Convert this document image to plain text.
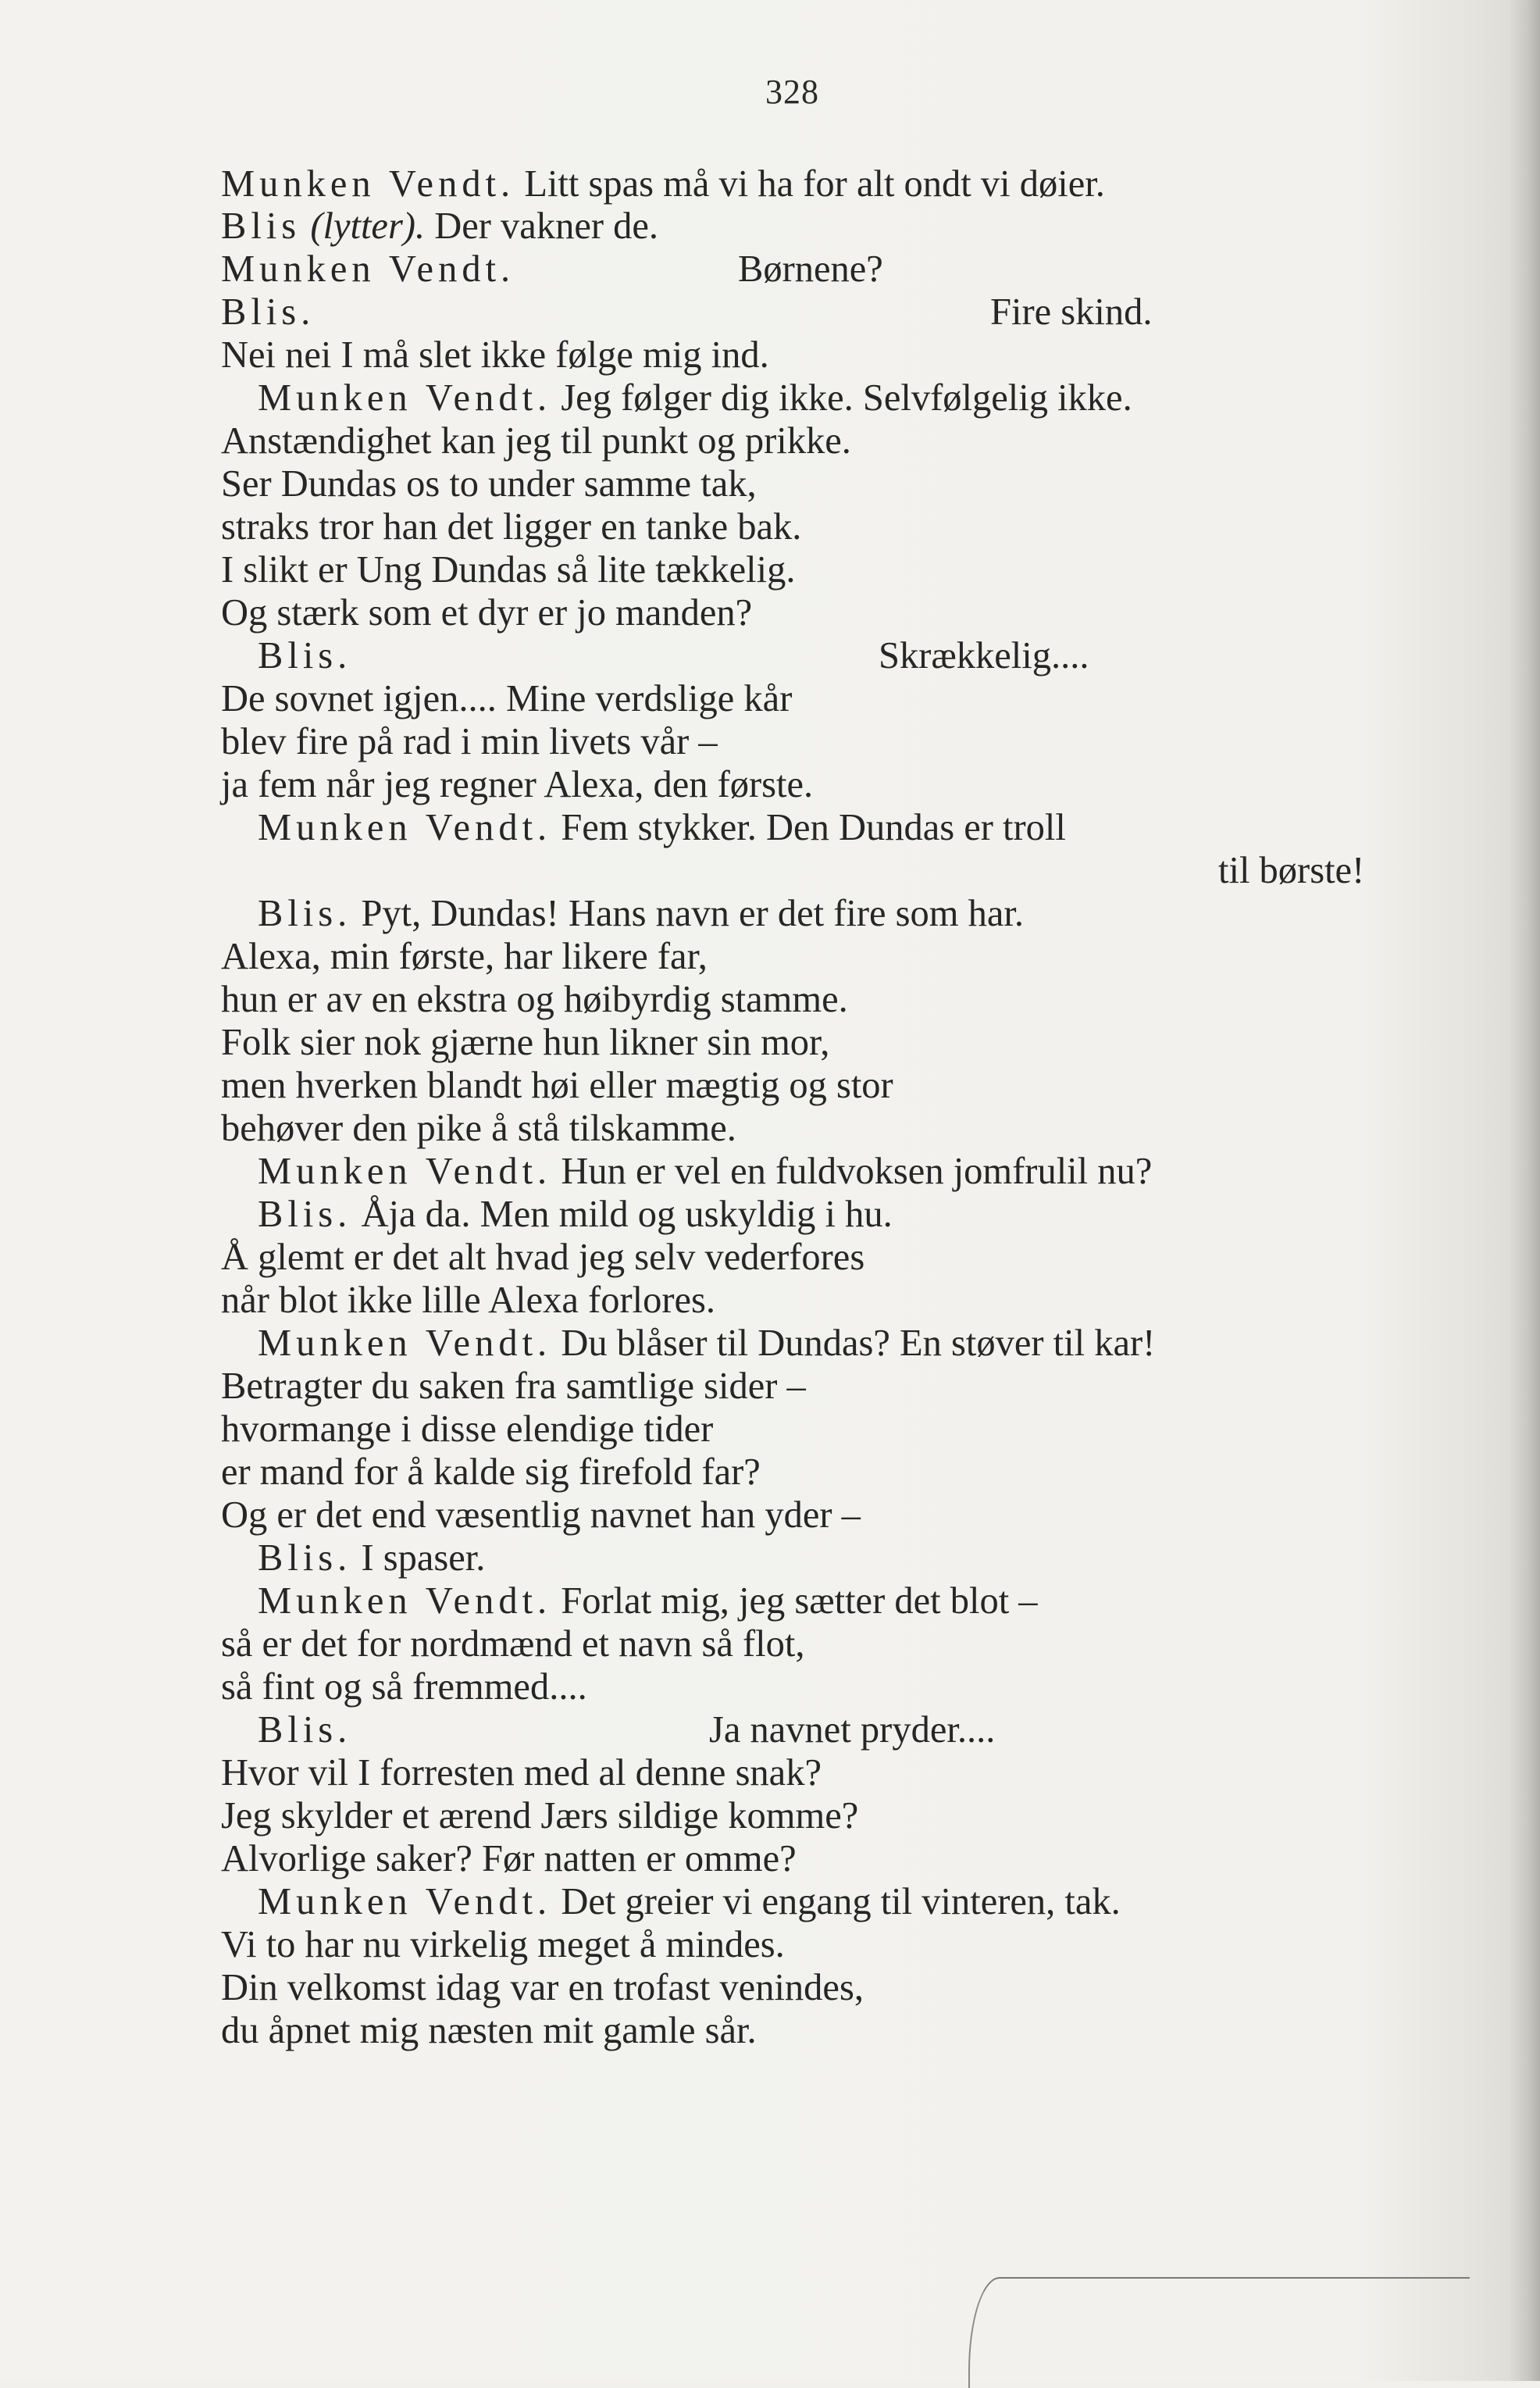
328
Munken Vendt. Litt spas må vi ha for alt ondt vi døier.
Blis (lytter). Der vakner de.
Munken Vendt.	Børnene?
Blis.	Fire skind.
Nei nei I må slet ikke følge mig ind.
Munken Vendt. Jeg følger dig ikke. Selvfølgelig ikke.
Anstændighet kan jeg til punkt og prikke.
Ser Dundas os to under samme tak,
straks tror han det ligger en tanke bak.
I slikt er Ung Dundas så lite tækkelig.
Og stærk som et dyr er jo manden?
Blis.	Skrækkelig....
De sovnet igjen.... Mine verdslige kår
blev fire på rad i min livets vår –
ja fem når jeg regner Alexa, den første.
Munken Vendt. Fem stykker. Den Dundas er troll
til børste!
Blis. Pyt, Dundas! Hans navn er det fire som har.
Alexa, min første, har likere far,
hun er av en ekstra og høibyrdig stamme.
Folk sier nok gjærne hun likner sin mor,
men hverken blandt høi eller mægtig og stor
behøver den pike å stå tilskamme.
Munken Vendt. Hun er vel en fuldvoksen jomfrulil nu?
Blis. Åja da. Men mild og uskyldig i hu.
Å glemt er det alt hvad jeg selv vederfores
når blot ikke lille Alexa forlores.
Munken Vendt. Du blåser til Dundas? En støver til kar!
Betragter du saken fra samtlige sider –
hvormange i disse elendige tider
er mand for å kalde sig firefold far?
Og er det end væsentlig navnet han yder –
Blis. I spaser.
Munken Vendt. Forlat mig, jeg sætter det blot –
så er det for nordmænd et navn så flot,
så fint og så fremmed....
Blis.	Ja navnet pryder....
Hvor vil I forresten med al denne snak?
Jeg skylder et ærend Jærs sildige komme?
Alvorlige saker? Før natten er omme?
Munken Vendt. Det greier vi engang til vinteren, tak.
Vi to har nu virkelig meget å mindes.
Din velkomst idag var en trofast venindes,
du åpnet mig næsten mit gamle sår.
